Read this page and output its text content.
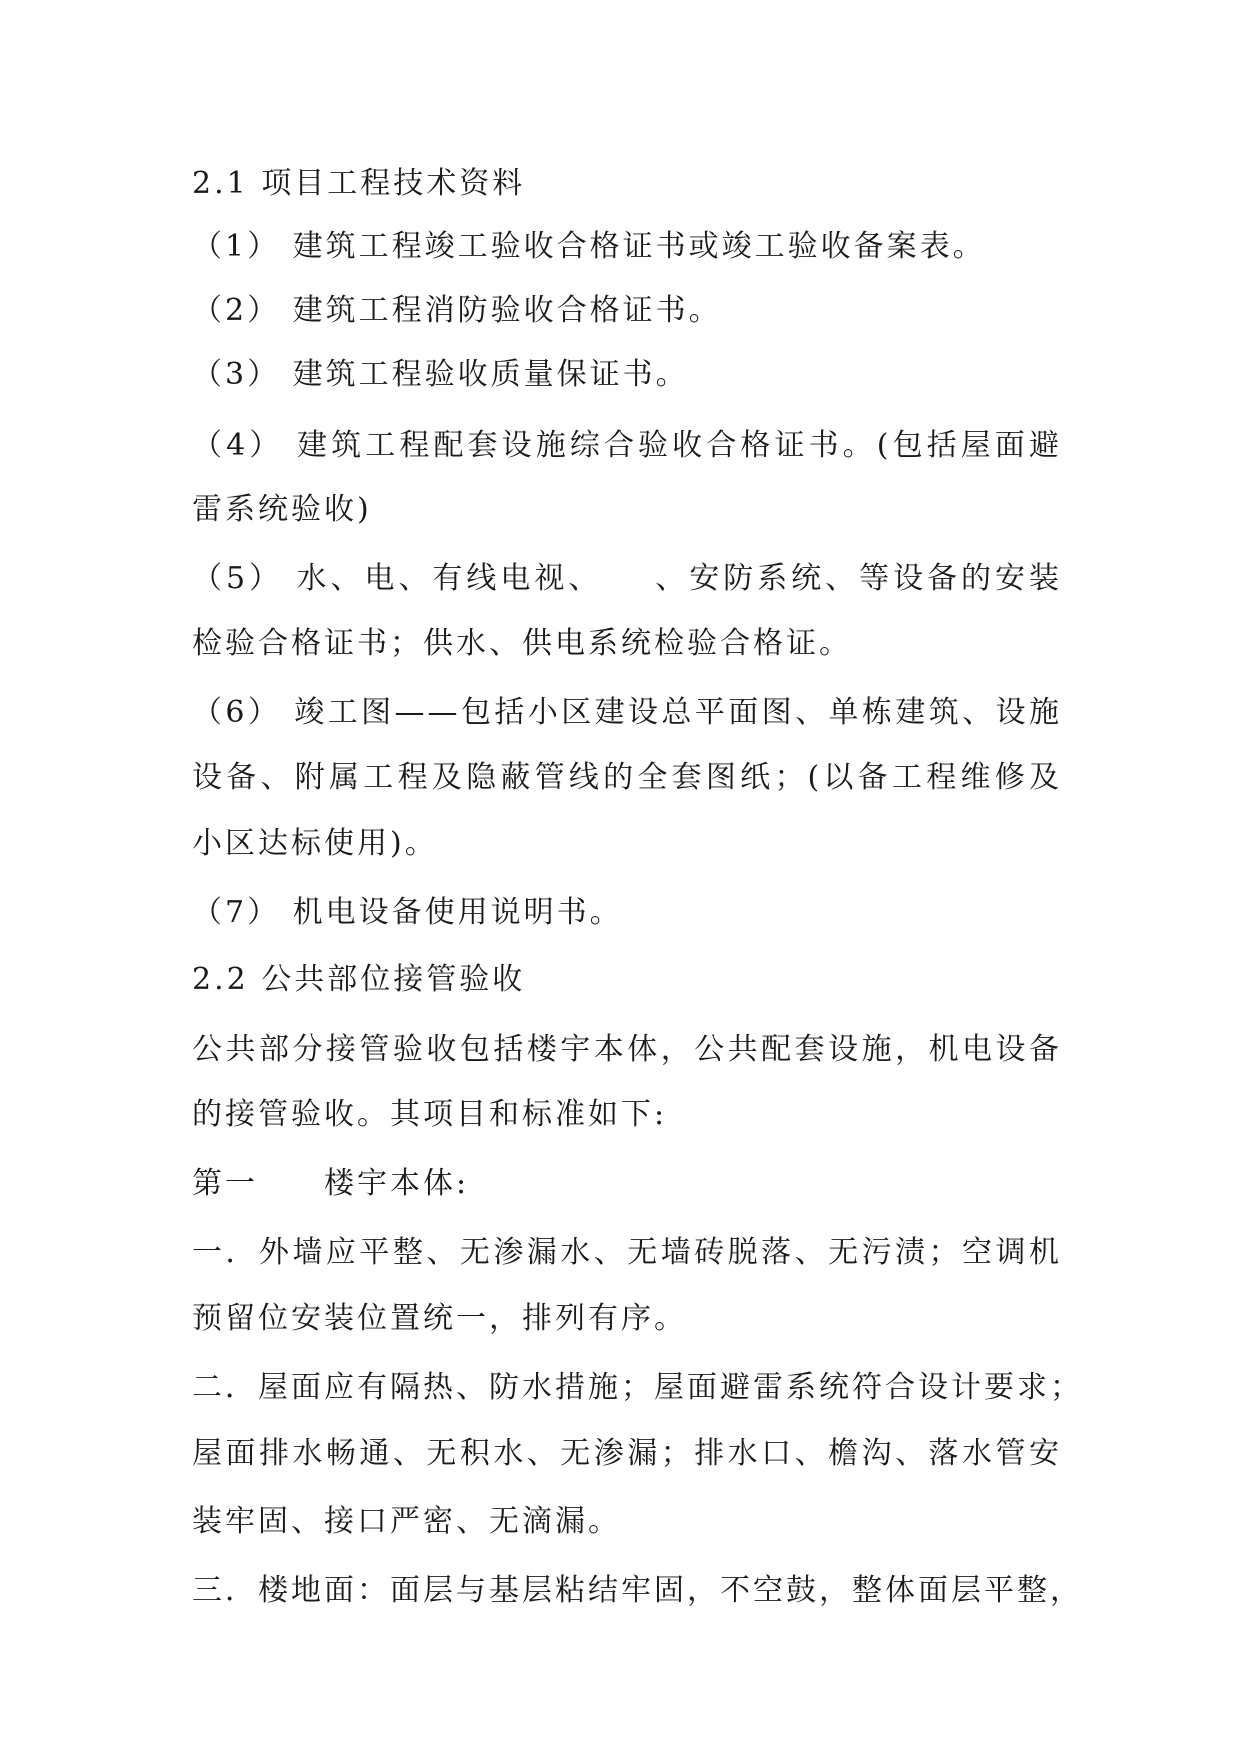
2.1 项目工程技术资料
（1） 建筑工程竣工验收合格证书或竣工验收备案表。
（2） 建筑工程消防验收合格证书。
（3） 建筑工程验收质量保证书。
（4） 建筑工程配套设施综合验收合格证书。(包括屋面避
雷系统验收)
（5） 水、电、有线电视、　　、安防系统、等设备的安装
检验合格证书；供水、供电系统检验合格证。
（6） 竣工图——包括小区建设总平面图、单栋建筑、设施
设备、附属工程及隐蔽管线的全套图纸；(以备工程维修及
小区达标使用)。
（7） 机电设备使用说明书。
2.2 公共部位接管验收
公共部分接管验收包括楼宇本体，公共配套设施，机电设备
的接管验收。其项目和标准如下:
第一　　楼宇本体:
一．外墙应平整、无渗漏水、无墙砖脱落、无污渍；空调机
预留位安装位置统一，排列有序。
二．屋面应有隔热、防水措施；屋面避雷系统符合设计要求；
屋面排水畅通、无积水、无渗漏；排水口、檐沟、落水管安
装牢固、接口严密、无滴漏。
三．楼地面：面层与基层粘结牢固，不空鼓，整体面层平整，
